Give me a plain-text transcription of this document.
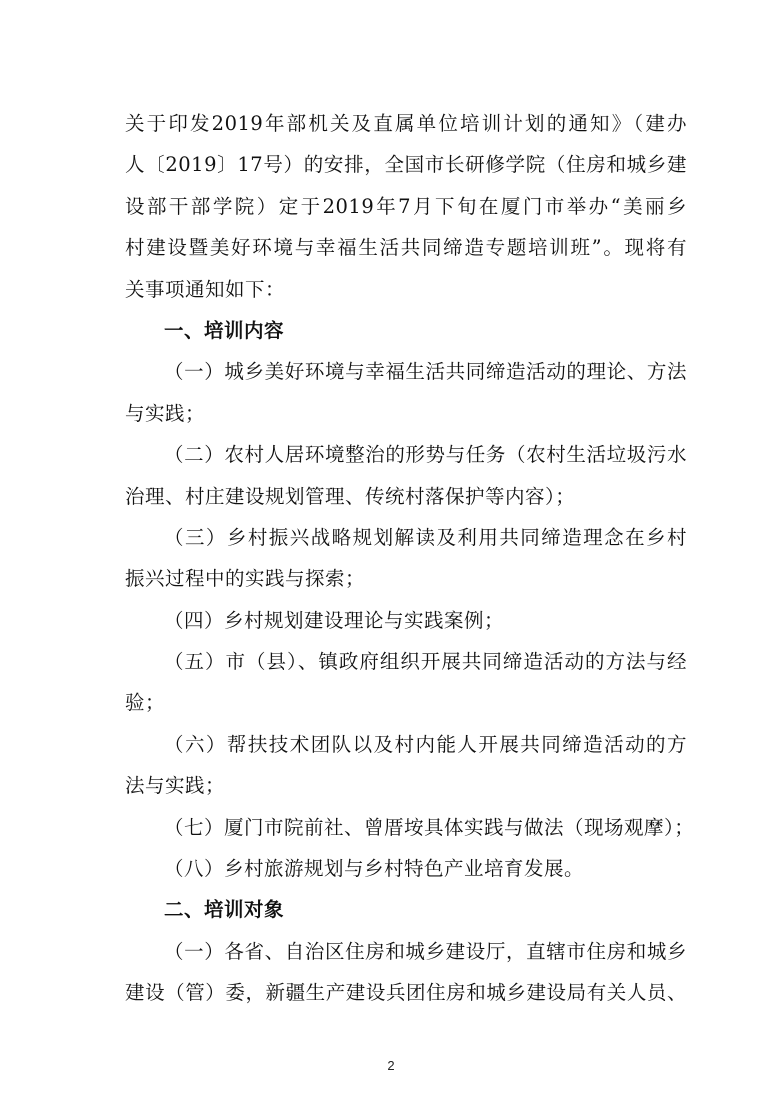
关于印发2019年部机关及直属单位培训计划的通知》（建办
人〔2019〕17号）的安排，全国市长研修学院（住房和城乡建
设部干部学院）定于2019年7月下旬在厦门市举办“美丽乡
村建设暨美好环境与幸福生活共同缔造专题培训班”。现将有
关事项通知如下：
一、培训内容
（一）城乡美好环境与幸福生活共同缔造活动的理论、方法
与实践；
（二）农村人居环境整治的形势与任务（农村生活垃圾污水
治理、村庄建设规划管理、传统村落保护等内容）；
（三）乡村振兴战略规划解读及利用共同缔造理念在乡村
振兴过程中的实践与探索；
（四）乡村规划建设理论与实践案例；
（五）市（县）、镇政府组织开展共同缔造活动的方法与经
验；
（六）帮扶技术团队以及村内能人开展共同缔造活动的方
法与实践；
（七）厦门市院前社、曾厝垵具体实践与做法（现场观摩）；
（八）乡村旅游规划与乡村特色产业培育发展。
二、培训对象
（一）各省、自治区住房和城乡建设厅，直辖市住房和城乡
建设（管）委，新疆生产建设兵团住房和城乡建设局有关人员、
2
